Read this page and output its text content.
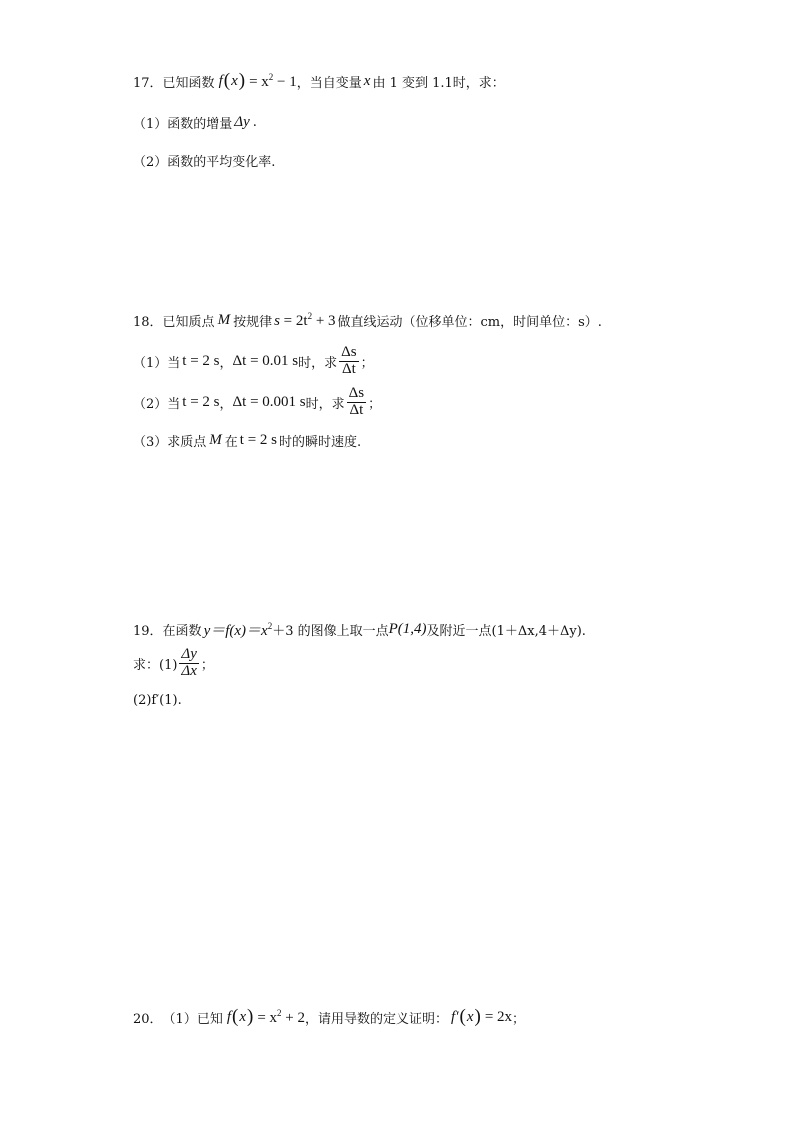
17． 已知函数 f ( x ) = $x^2 - 1$ ，当自变量 x 由 1 变到 1.1时，求：
（1）函数的增量 Δy .
（2）函数的平均变化率.
18． 已知质点 M 按规律 $s = 2t^2 + 3$ 做直线运动（位移单位：cm，时间单位：s）.
（1）当 t = 2 s ， Δt = 0.01 s 时，求 $\frac{\Delta s}{\Delta t}$ ；
（2）当 t = 2 s ， Δt = 0.001 s 时，求 $\frac{\Delta s}{\Delta t}$ ；
（3）求质点 M 在 t = 2 s 时的瞬时速度.
19． 在函数 $y=f(x)=x^2 +3$ 的图像上取一点 P(1,4) 及附近一点(1＋Δx,4＋Δy).
求：$(1) \frac{\Delta y}{\Delta x}$ ；
(2)f′(1).
20． （1）已知 f ( x ) = $x^2 + 2$ ，请用导数的定义证明： f′ ( x ) = 2x ；
